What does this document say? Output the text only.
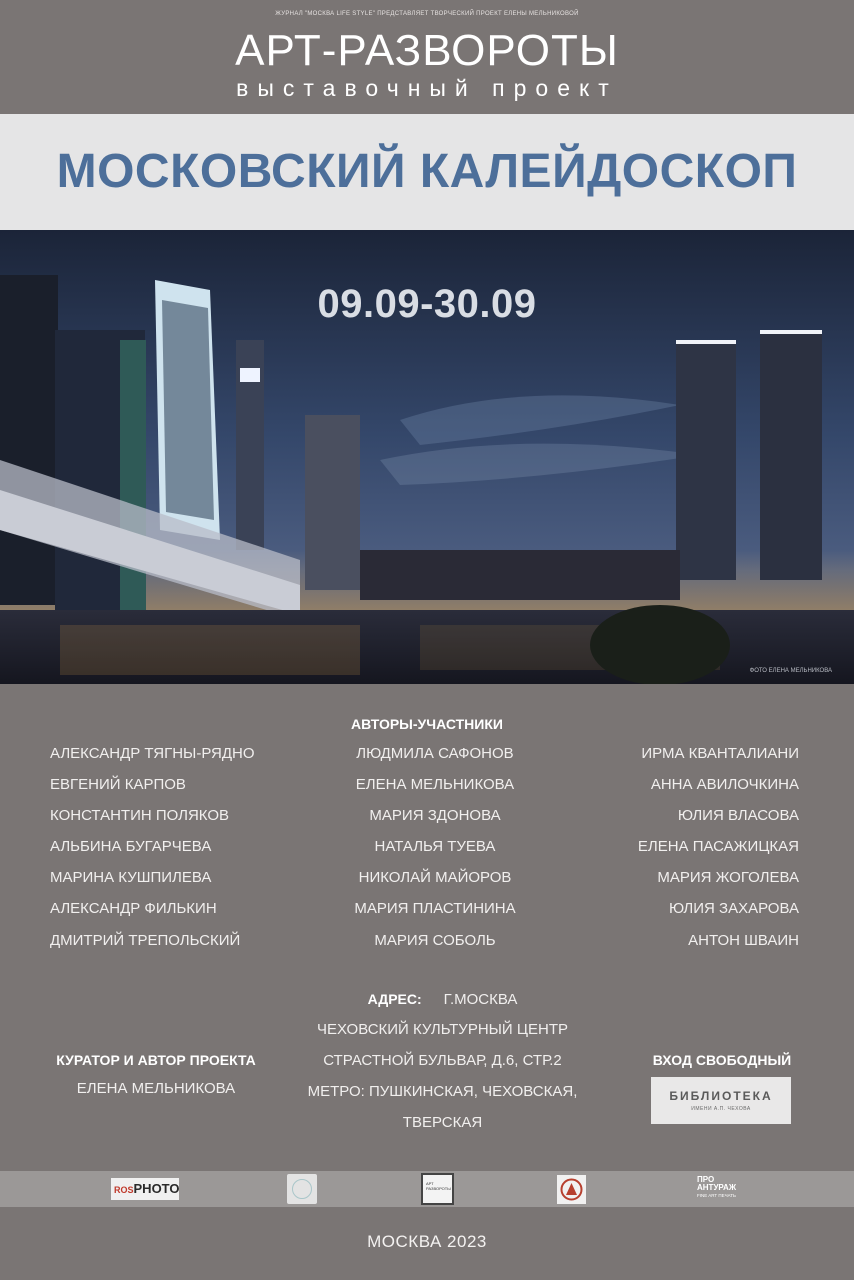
ЖУРНАЛ "МОСКВА LIFE STYLE" ПРЕДСТАВЛЯЕТ ТВОРЧЕСКИЙ ПРОЕКТ ЕЛЕНЫ МЕЛЬНИКОВОЙ
АРТ-РАЗВОРОТЫ
выставочный проект
МОСКОВСКИЙ КАЛЕЙДОСКОП
09.09-30.09
ФОТО ЕЛЕНА МЕЛЬНИКОВА
АВТОРЫ-УЧАСТНИКИ
АЛЕКСАНДР ТЯГНЫ-РЯДНО
ЕВГЕНИЙ КАРПОВ
КОНСТАНТИН ПОЛЯКОВ
АЛЬБИНА БУГАРЧЕВА
МАРИНА КУШПИЛЕВА
АЛЕКСАНДР ФИЛЬКИН
ДМИТРИЙ ТРЕПОЛЬСКИЙ
ЛЮДМИЛА САФОНОВ
ЕЛЕНА МЕЛЬНИКОВА
МАРИЯ ЗДОНОВА
НАТАЛЬЯ ТУЕВА
НИКОЛАЙ МАЙОРОВ
МАРИЯ ПЛАСТИНИНА
МАРИЯ СОБОЛЬ
ИРМА КВАНТАЛИАНИ
АННА АВИЛОЧКИНА
ЮЛИЯ ВЛАСОВА
ЕЛЕНА ПАСАЖИЦКАЯ
МАРИЯ ЖОГОЛЕВА
ЮЛИЯ ЗАХАРОВА
АНТОН ШВАИН
КУРАТОР И АВТОР ПРОЕКТА
ЕЛЕНА МЕЛЬНИКОВА
АДРЕС: Г.МОСКВА
ЧЕХОВСКИЙ КУЛЬТУРНЫЙ ЦЕНТР
СТРАСТНОЙ БУЛЬВАР, Д.6, СТР.2
МЕТРО: ПУШКИНСКАЯ, ЧЕХОВСКАЯ,
ТВЕРСКАЯ
ВХОД СВОБОДНЫЙ
БИБЛИОТЕКА
ИМЕНИ А.П. ЧЕХОВА
ROSPHOTO	АРТ РАЗВОРОТЫ
ПРО
АНТУРАЖ
FINE ART ПЕЧАТЬ
МОСКВА 2023
